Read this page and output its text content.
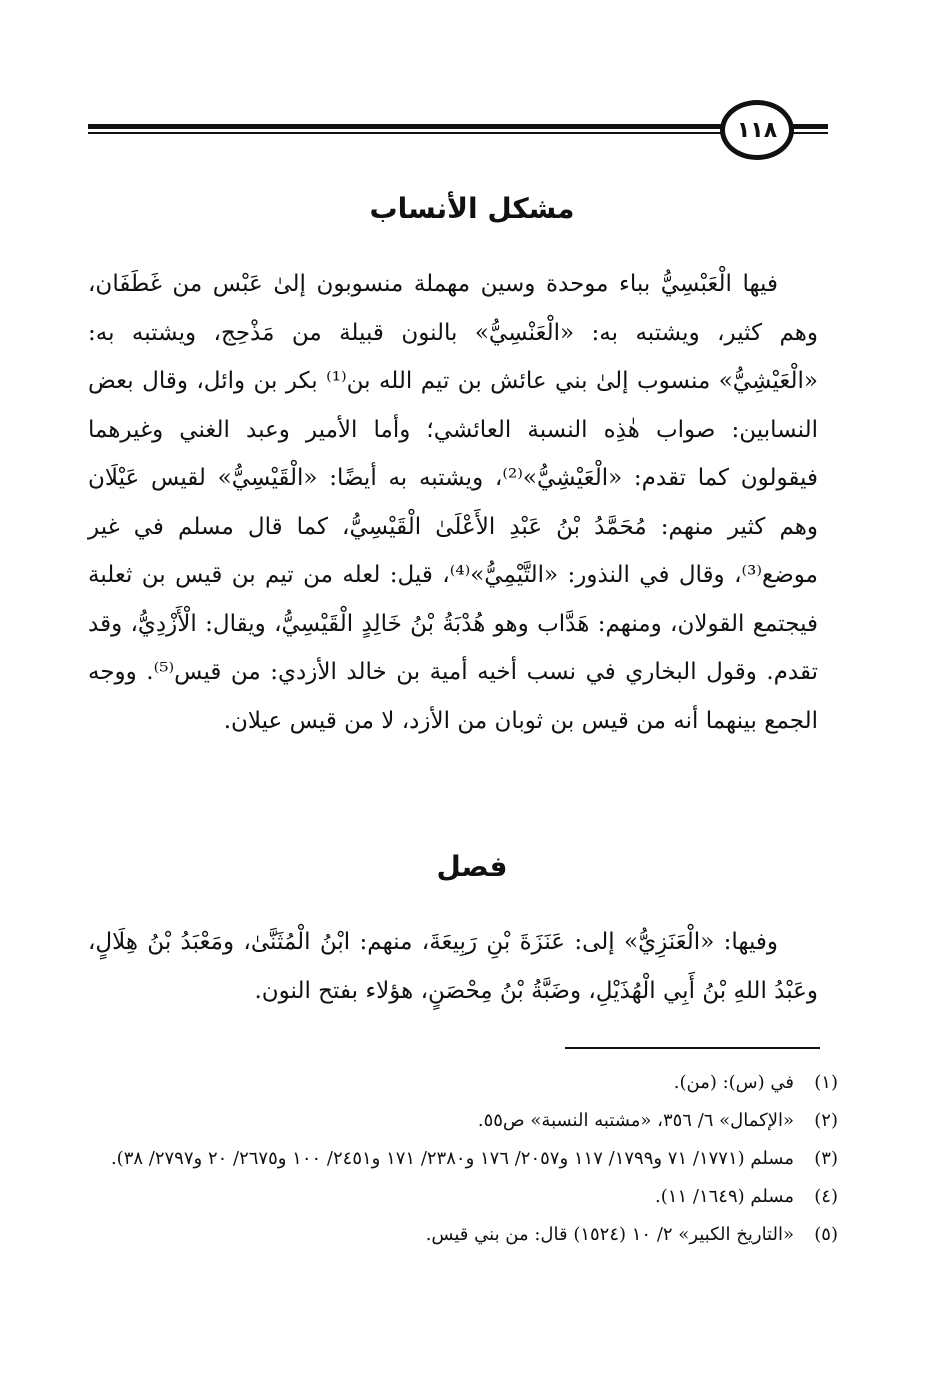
١١٨
مشكل الأنساب

فيها الْعَبْسِيُّ بباء موحدة وسين مهملة منسوبون إلىٰ عَبْس من غَطَفَان، وهم كثير، ويشتبه به: «الْعَنْسِيُّ» بالنون قبيلة من مَذْحِج، ويشتبه به: «الْعَيْشِيُّ» منسوب إلىٰ بني عائش بن تيم الله بن⁽¹⁾ بكر بن وائل، وقال بعض النسابين: صواب هٰذِه النسبة العائشي؛ وأما الأمير وعبد الغني وغيرهما فيقولون كما تقدم: «الْعَيْشِيُّ»⁽²⁾، ويشتبه به أيضًا: «الْقَيْسِيُّ» لقيس عَيْلَان وهم كثير منهم: مُحَمَّدُ بْنُ عَبْدِ الأَعْلَىٰ الْقَيْسِيُّ، كما قال مسلم في غير موضع⁽³⁾، وقال في النذور: «التَّيْمِيُّ»⁽⁴⁾، قيل: لعله من تيم بن قيس بن ثعلبة فيجتمع القولان، ومنهم: هَدَّاب وهو هُدْبَةُ بْنُ خَالِدٍ الْقَيْسِيُّ، ويقال: الْأَزْدِيُّ، وقد تقدم. وقول البخاري في نسب أخيه أمية بن خالد الأزدي: من قيس⁽⁵⁾. ووجه الجمع بينهما أنه من قيس بن ثوبان من الأزد، لا من قيس عيلان.

فصل

وفيها: «الْعَنَزِيُّ» إلى: عَنَزَةَ بْنِ رَبِيعَةَ، منهم: ابْنُ الْمُثَنَّىٰ، ومَعْبَدُ بْنُ هِلَالٍ، وعَبْدُ اللهِ بْنُ أَبِي الْهُذَيْلِ، وضَبَّةُ بْنُ مِحْصَنٍ، هؤلاء بفتح النون.

(١)
في (س): (من).
(٢)
«الإكمال» ٦/ ٣٥٦، «مشتبه النسبة» ص٥٥.
(٣)
مسلم (١٧٧١/ ٧١ و١٧٩٩/ ١١٧ و٢٠٥٧/ ١٧٦ و٢٣٨٠/ ١٧١ و٢٤٥١/ ١٠٠ و٢٦٧٥/ ٢٠ و٢٧٩٧/ ٣٨).
(٤)
مسلم (١٦٤٩/ ١١).
(٥)
«التاريخ الكبير» ٢/ ١٠ (١٥٢٤) قال: من بني قيس.
